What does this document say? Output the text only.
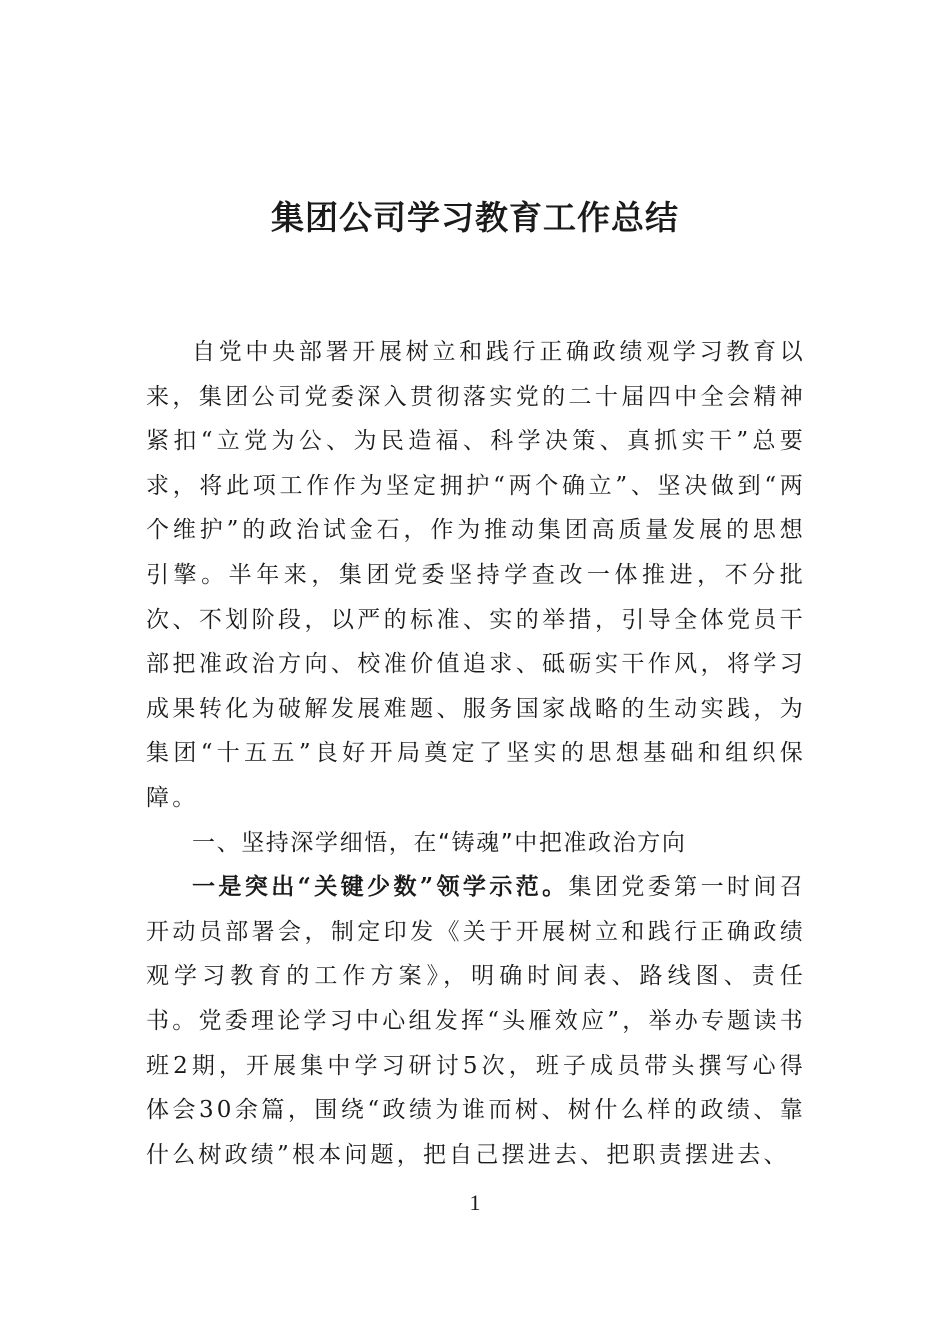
集团公司学习教育工作总结

自党中央部署开展树立和践行正确政绩观学习教育以来，集团公司党委深入贯彻落实党的二十届四中全会精神紧扣“立党为公、为民造福、科学决策、真抓实干”总要求，将此项工作作为坚定拥护“两个确立”、坚决做到“两个维护”的政治试金石，作为推动集团高质量发展的思想引擎。半年来，集团党委坚持学查改一体推进，不分批次、不划阶段，以严的标准、实的举措，引导全体党员干部把准政治方向、校准价值追求、砥砺实干作风，将学习成果转化为破解发展难题、服务国家战略的生动实践，为集团“十五五”良好开局奠定了坚实的思想基础和组织保障。

一、坚持深学细悟，在“铸魂”中把准政治方向

一是突出“关键少数”领学示范。集团党委第一时间召开动员部署会，制定印发《关于开展树立和践行正确政绩观学习教育的工作方案》，明确时间表、路线图、责任书。党委理论学习中心组发挥“头雁效应”，举办专题读书班2期，开展集中学习研讨5次，班子成员带头撰写心得体会30余篇，围绕“政绩为谁而树、树什么样的政绩、靠什么树政绩”根本问题，把自己摆进去、把职责摆进去、

1
